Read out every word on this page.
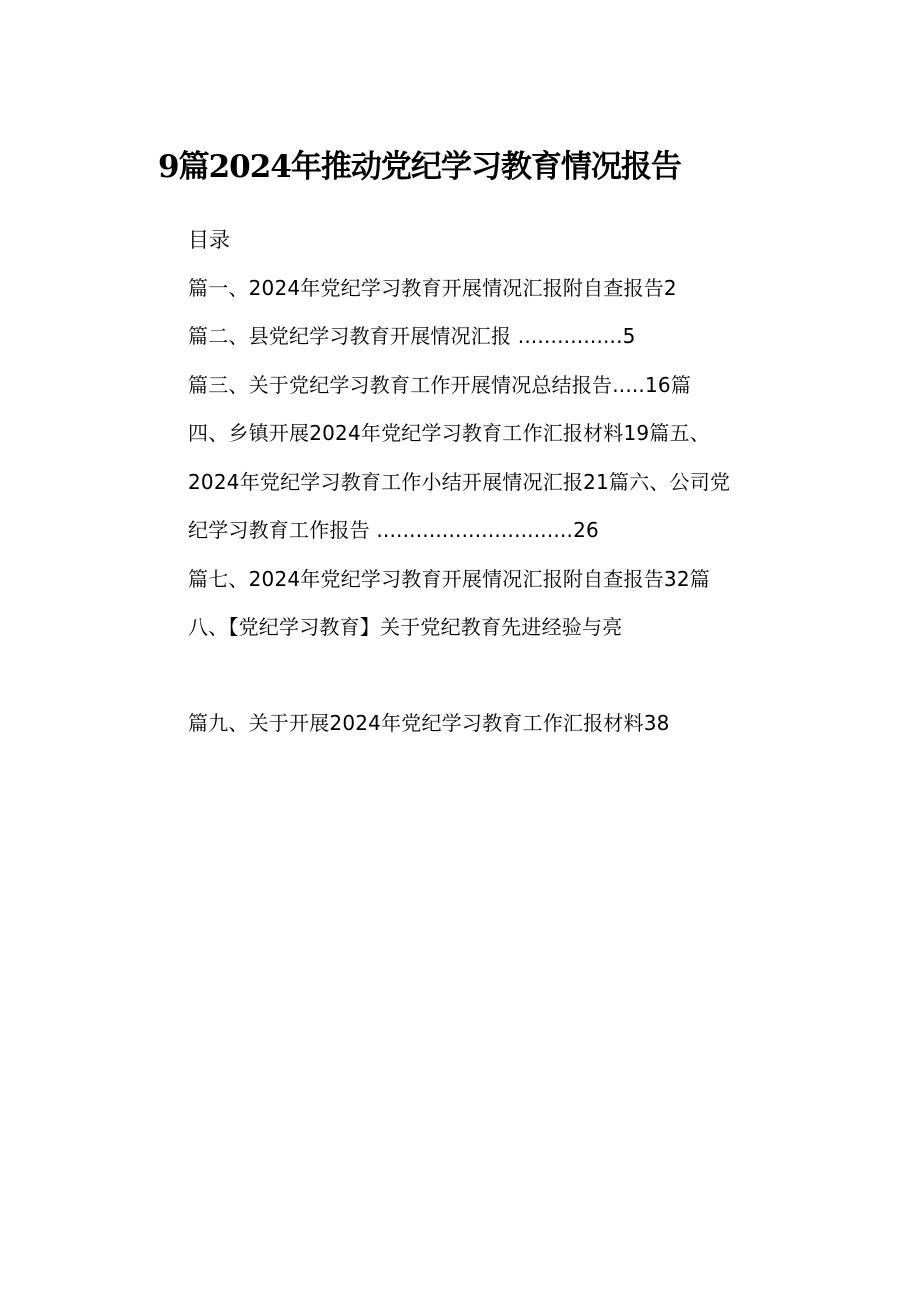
9篇2024年推动党纪学习教育情况报告
目录
篇一、2024年党纪学习教育开展情况汇报附自查报告2
篇二、县党纪学习教育开展情况汇报 ................5
篇三、关于党纪学习教育工作开展情况总结报告.....16篇
四、乡镇开展2024年党纪学习教育工作汇报材料19篇五、
2024年党纪学习教育工作小结开展情况汇报21篇六、公司党
纪学习教育工作报告 ..............................26
篇七、2024年党纪学习教育开展情况汇报附自查报告32篇
八、【党纪学习教育】关于党纪教育先进经验与亮
篇九、关于开展2024年党纪学习教育工作汇报材料38
